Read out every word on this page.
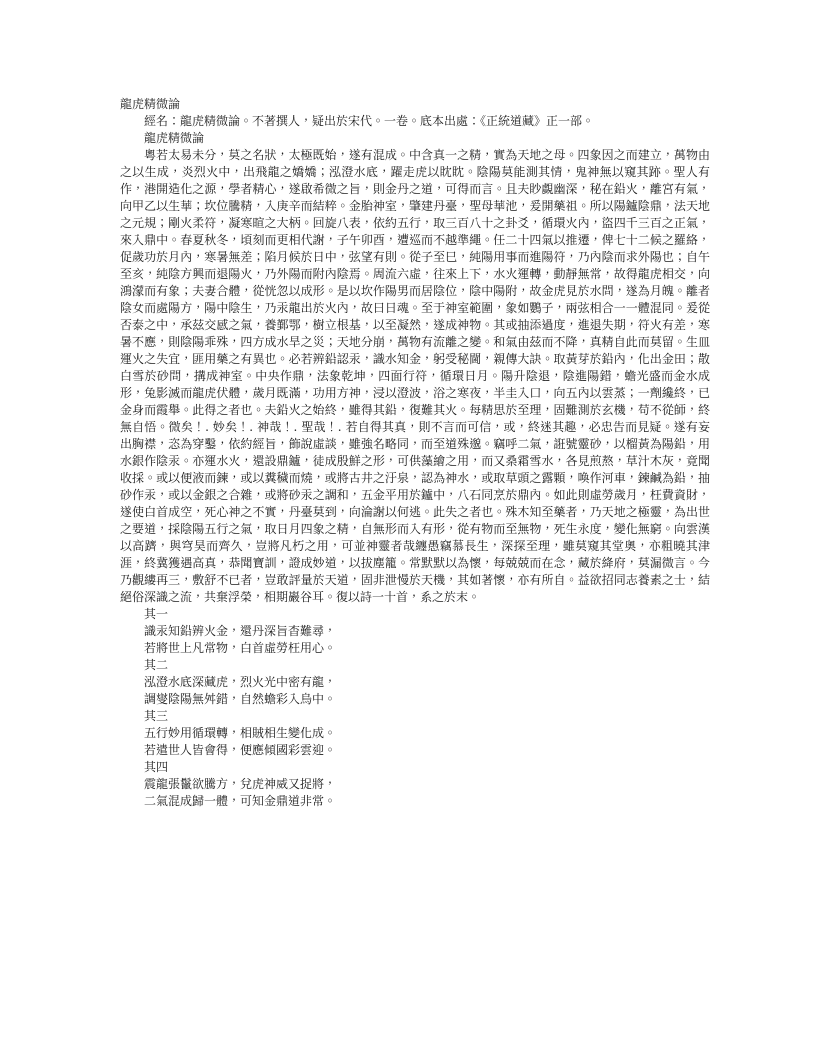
龍虎精微論
經名：龍虎精微論。不著撰人，疑出於宋代。一卷。底本出處：《正統道藏》正一部。
龍虎精微論

粵若太易未分，莫之名狀，太極既始，遂有混成。中含真一之精，實為天地之母。四象因之而建立，萬物由之以生成，炎烈火中，出飛龍之嬌嬌；泓澄水底，躍走虎以眈眈。陰陽莫能測其情，鬼神無以窺其跡。聖人有作，港開造化之源，學者精心，遂啟希微之旨，則金丹之道，可得而言。且夫眇覷幽深，秘在鉛火，離宮有氣，向甲乙以生華；坎位騰精，入庚辛而結粹。金胎神室，肇建丹臺，聖母華池，爰開藥祖。所以陽鑪陰鼎，法天地之元規；剛火柔符，凝寒暄之大柄。回旋八表，依約五行，取三百八十之卦爻，循環火內，盜四千三百之正氣，來入鼎中。春夏秋冬，頃刻而更相代謝，子午卯酉，遭巡而不越準繩。任二十四氣以推遷，俾七十二候之羅絡，促歲功於月內，寒暑無差；陷月候於日中，弦望有則。從子至巳，純陽用事而進陽符，乃內陰而求外陽也；自午至亥，純陰方興而退陽火，乃外陽而附內陰焉。周流六虛，往來上下，水火運轉，動靜無常，故得龍虎相交，向鴻濛而有象；夫妻合體，從恍忽以成形。是以坎作陽男而居陰位，陰中陽附，故金虎見於水問，遂為月魄。離者陰女而處陽方，陽中陰生，乃汞龍出於火內，故曰日魂。至于神室範圍，象如鸚子，兩弦相合一一體混同。爰從否泰之中，承茲交感之氣，養鄞鄂，樹立根基，以至凝然，遂成神物。其或抽添過度，進退失期，符火有差，寒暑不應，則陰陽乖殊，四方成水旱之災；天地分崩，萬物有流離之變。和氣由茲而不降，真精自此而莫留。生皿運火之失宜，匪用藥之有異也。必若辨鉛認汞，識水知金，躬受秘閫，親傳大訣。取黃芽於鉛內，化出金田；散白雪於砂問，搆成神室。中央作鼎，法象乾坤，四面行符，循環日月。陽升陰退，陰進陽錯，蟾光盛而金水成形，兔影滅而龍虎伏體，歲月既滿，功用方神，浸以澄波，浴之寒夜，半圭入口，向五內以雲蒸；一劑纔終，已金身而霞舉。此得之者也。夫鉛火之始終，雖得其鉛，復難其火。每精思於至理，固難測於玄機，苟不從師，終無自悟。微矣！. 妙矣！. 神哉！. 聖哉！. 若自得其真，則不言而可信，或，終迷其趣，必忠告而見疑。遂有妄出胸襟，恣為穿鑿，依約經旨，飾說虛談，雖強名略同，而至道殊邈。竊呼二氣，誑號靈砂，以榴黃為陽鉛，用水銀作陰汞。亦運水火，還設鼎鑪，徒成殷鮮之形，可供藻繪之用，而又桑霜雪水，各見煎熬，草汁木灰，竟聞收採。或以便液而鍊，或以糞穢而燒，或將古井之汙泉，認為神水，或取草頭之露顆，喚作河車，鍊鹹為鉛，抽砂作汞，或以金銀之合雜，或將砂汞之調和，五金平用於鑪中，八石同烹於鼎內。如此則虛勞歲月，枉費資財，遂使白首成空，死心神之不實，丹臺莫到，向淪謝以何逃。此失之者也。殊木知至藥者，乃天地之極靈，為出世之要道，採陰陽五行之氣，取日月四象之精，自無形而入有形，從有物而至無物，死生永度，變化無窮。向雲漢以高躋，與穹昊而齊久，豈將凡朽之用，可並神靈者哉纏愚竊慕長生，深探至理，雖莫窺其堂奧，亦粗曉其津涯，終冀獲遇高真，恭聞寶訓，證成妙道，以拔塵籠。常默默以為懷，每兢兢而在念，藏於絳府，莫漏微言。今乃觀縷再三，敷舒不已者，豈敢評量於天道，固非泄慢於天機，其如著懷，亦有所自。益欲招同志養素之士，結絕俗深識之流，共棄浮榮，相期巖谷耳。復以詩一十首，系之於末。

其一
識汞知鉛辨火金，還丹深旨杳難尋，
若將世上凡常物，白首虛勞枉用心。
其二
泓澄水底深藏虎，烈火光中密有龍，
調燮陰陽無舛錯，自然蟾彩入烏中。
其三
五行妙用循環轉，相賊相生變化成。
若遣世人皆會得，便應傾國彩雲迎。
其四
震龍張鬣欲騰方，兌虎神威又捉將，
二氣混成歸一體，可知金鼎道非常。
